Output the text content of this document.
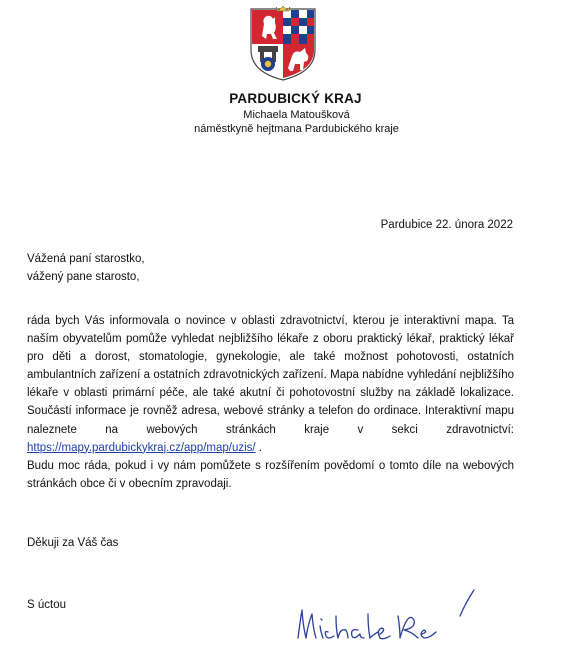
PARDUBICKÝ KRAJ
Michaela Matoušková
náměstkyně hejtmana Pardubického kraje
Pardubice 22. února 2022
Vážená paní starostko,
vážený pane starosto,

ráda bych Vás informovala o novince v oblasti zdravotnictví, kterou je interaktivní mapa. Ta naším obyvatelům pomůže vyhledat nejbližšího lékaře z oboru praktický lékař, praktický lékař pro děti a dorost, stomatologie, gynekologie, ale také možnost pohotovosti, ostatních ambulantních zařízení a ostatních zdravotnických zařízení. Mapa nabídne vyhledání nejbližšího lékaře v oblasti primární péče, ale také akutní či pohotovostní služby na základě lokalizace. Součástí informace je rovněž adresa, webové stránky a telefon do ordinace. Interaktivní mapu naleznete na webových stránkách kraje v sekci zdravotnictví: https://mapy.pardubickykraj.cz/app/map/uzis/ .
Budu moc ráda, pokud i vy nám pomůžete s rozšířením povědomí o tomto díle na webových stránkách obce či v obecním zpravodaji.

Děkuji za Váš čas
S úctou
